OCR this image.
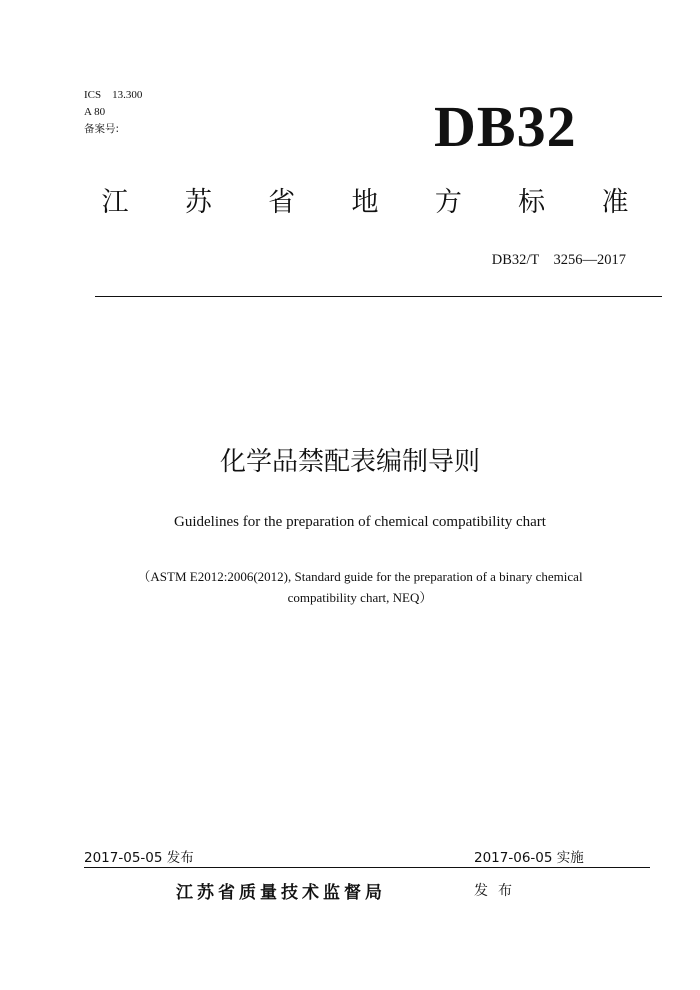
ICS　13.300
A 80
备案号:	DB32
江 苏 省 地 方 标 准
DB32/T　3256—2017
化学品禁配表编制导则
Guidelines for the preparation of chemical compatibility chart
（ASTM E2012:2006(2012), Standard guide for the preparation of a binary chemical
compatibility chart, NEQ）
2017-05-05 发布	2017-06-05 实施
江苏省质量技术监督局	发布
